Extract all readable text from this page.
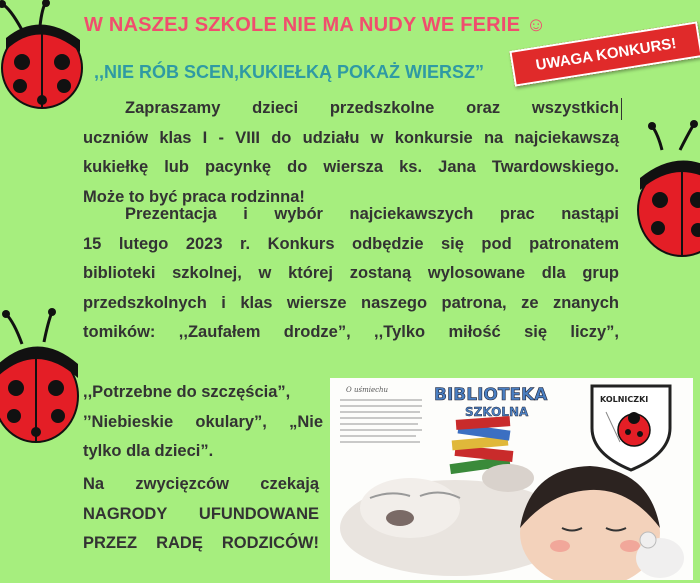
W NASZEJ SZKOLE NIE MA NUDY WE FERIE ☺
,,NIE RÓB SCEN,KUKIEŁKĄ POKAŻ WIERSZ”	UWAGA KONKURS!
Zapraszamy dzieci przedszkolne oraz wszystkich
uczniów klas I - VIII do udziału w konkursie na najciekawszą
kukiełkę lub pacynkę do wiersza ks. Jana Twardowskiego.
Może to być praca rodzinna!
Prezentacja i wybór najciekawszych prac nastąpi
15 lutego 2023 r. Konkurs odbędzie się pod patronatem
biblioteki szkolnej, w której zostaną wylosowane dla grup
przedszkolnych i klas wiersze naszego patrona, ze znanych
tomików: ,,Zaufałem drodze”, ,,Tylko miłość się liczy”,
,,Potrzebne do szczęścia”,
’’Niebieskie okulary”, „Nie
tylko dla dzieci”.
Na zwycięzców czekają
NAGRODY UFUNDOWANE
PRZEZ RADĘ RODZICÓW!
O uśmiechu	BIBLIOTEKA
SZKOLNA
KOLNICZKI
